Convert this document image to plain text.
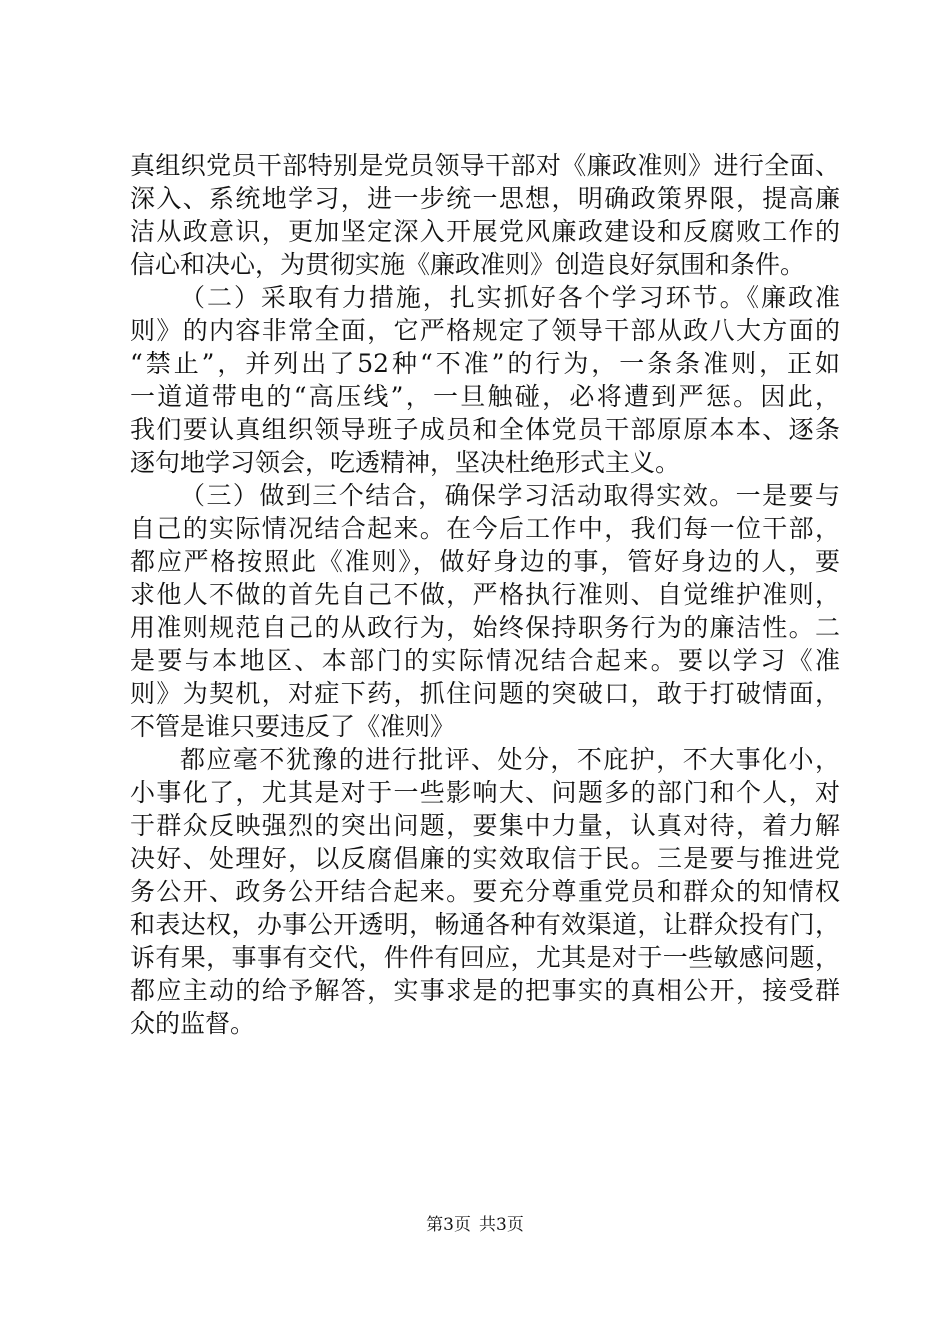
真组织党员干部特别是党员领导干部对《廉政准则》进行全面、
深入、系统地学习，进一步统一思想，明确政策界限，提高廉
洁从政意识，更加坚定深入开展党风廉政建设和反腐败工作的
信心和决心，为贯彻实施《廉政准则》创造良好氛围和条件。
（二）采取有力措施，扎实抓好各个学习环节。《廉政准
则》的内容非常全面，它严格规定了领导干部从政八大方面的
“禁止”，并列出了52种“不准”的行为，一条条准则，正如
一道道带电的“高压线”，一旦触碰，必将遭到严惩。因此，
我们要认真组织领导班子成员和全体党员干部原原本本、逐条
逐句地学习领会，吃透精神，坚决杜绝形式主义。
（三）做到三个结合，确保学习活动取得实效。一是要与
自己的实际情况结合起来。在今后工作中，我们每一位干部，
都应严格按照此《准则》，做好身边的事，管好身边的人，要
求他人不做的首先自己不做，严格执行准则、自觉维护准则，
用准则规范自己的从政行为，始终保持职务行为的廉洁性。二
是要与本地区、本部门的实际情况结合起来。要以学习《准
则》为契机，对症下药，抓住问题的突破口，敢于打破情面，
不管是谁只要违反了《准则》
都应毫不犹豫的进行批评、处分，不庇护，不大事化小，
小事化了，尤其是对于一些影响大、问题多的部门和个人，对
于群众反映强烈的突出问题，要集中力量，认真对待，着力解
决好、处理好，以反腐倡廉的实效取信于民。三是要与推进党
务公开、政务公开结合起来。要充分尊重党员和群众的知情权
和表达权，办事公开透明，畅通各种有效渠道，让群众投有门，
诉有果，事事有交代，件件有回应，尤其是对于一些敏感问题，
都应主动的给予解答，实事求是的把事实的真相公开，接受群
众的监督。
第3页 共3页
